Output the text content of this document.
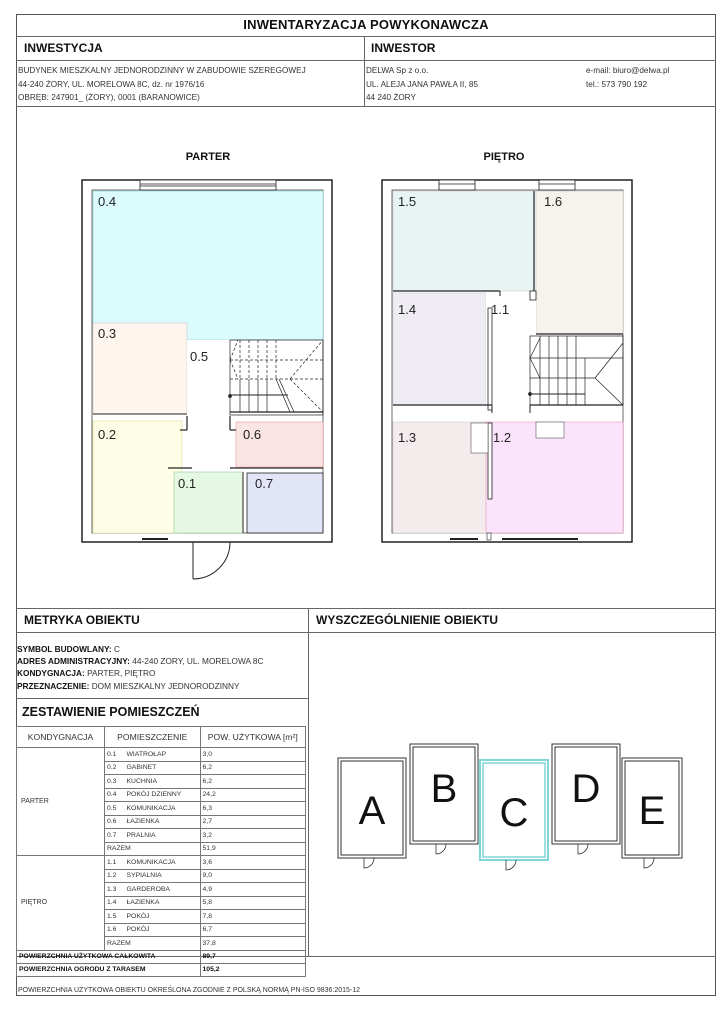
INWENTARYZACJA POWYKONAWCZA
INWESTYCJA
BUDYNEK MIESZKALNY JEDNORODZINNY W ZABUDOWIE SZEREGOWEJ
44-240 ŻORY, UL. MORELOWA 8C, dz. nr 1976/16
OBRĘB: 247901_ (ŻORY), 0001 (BARANOWICE)
INWESTOR
DELWA Sp z o.o.
UL. ALEJA JANA PAWŁA II, 85
44 240 ŻORY
e-mail: biuro@delwa.pl
tel.: 573 790 192
PARTER	PIĘTRO
0.4
0.3
0.5
0.2	0.6
0.1	0.7
1.5	1.6
1.4	1.1
1.3	1.2
METRYKA OBIEKTU
SYMBOL BUDOWLANY: C
ADRES ADMINISTRACYJNY: 44-240 ZORY, UL. MORELOWA 8C
KONDYGNACJA: PARTER, PIĘTRO
PRZEZNACZENIE: DOM MIESZKALNY JEDNORODZINNY
WYSZCZEGÓLNIENIE OBIEKTU
A B
C
D E
ZESTAWIENIE POMIESZCZEŃ
KONDYGNACJA	POMIESZCZENIE		POW. UŻYTKOWA [m²]
PARTER	0.1	WIATROŁAP	3,0
	0.2	GABINET	6,2
	0.3	KUCHNIA	6,2
	0.4	POKÓJ DZIENNY	24,2
	0.5	KOMUNIKACJA	6,3
	0.6	ŁAZIENKA	2,7
	0.7	PRALNIA	3,2
	RAZEM		51,9
PIĘTRO	1.1	KOMUNIKACJA	3,6
	1.2	SYPIALNIA	9,0
	1.3	GARDEROBA	4,9
	1.4	ŁAZIENKA	5,8
	1.5	POKÓJ	7,8
	1.6	POKÓJ	6,7
	RAZEM		37,8
POWIERZCHNIA UŻYTKOWA CAŁKOWITA			89,7
POWIERZCHNIA OGRODU Z TARASEM			105,2
POWIERZCHNIA UŻYTKOWA OBIEKTU OKREŚLONA ZGODNIE Z POLSKĄ NORMĄ PN-ISO 9836:2015-12
